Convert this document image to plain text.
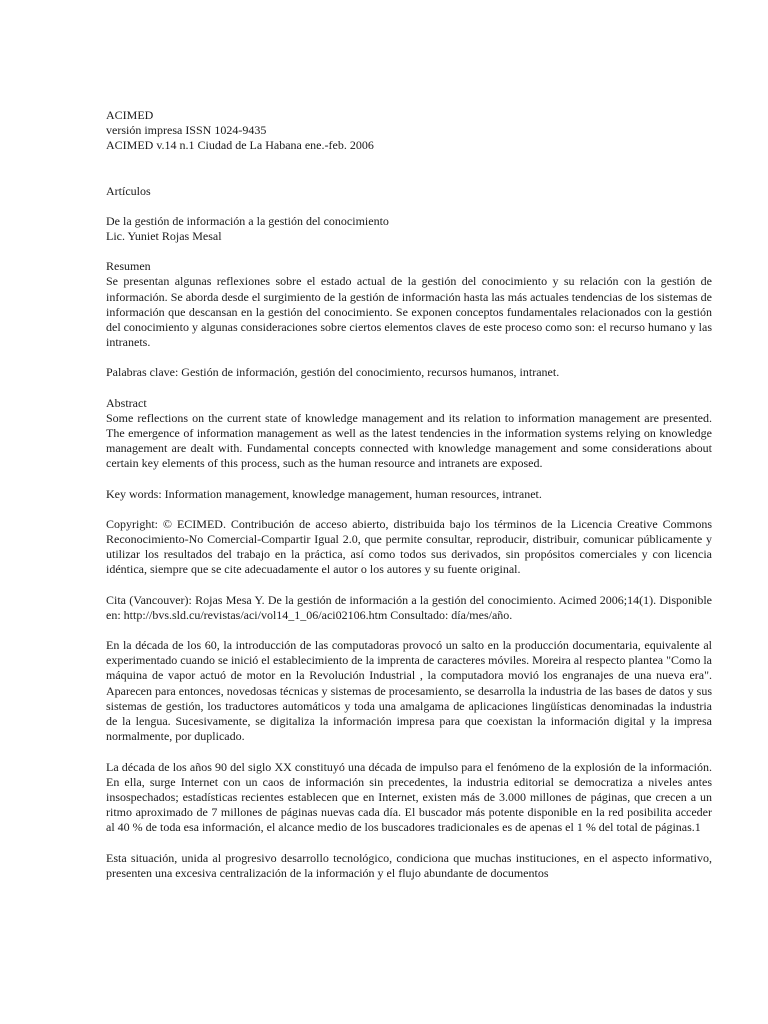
ACIMED
versión impresa ISSN 1024-9435
ACIMED v.14 n.1 Ciudad de La Habana ene.-feb. 2006
Artículos
De la gestión de información a la gestión del conocimiento
Lic. Yuniet Rojas Mesal
Resumen
Se presentan algunas reflexiones sobre el estado actual de la gestión del conocimiento y su relación con la gestión de información. Se aborda desde el surgimiento de la gestión de información hasta las más actuales tendencias de los sistemas de información que descansan en la gestión del conocimiento. Se exponen conceptos fundamentales relacionados con la gestión del conocimiento y algunas consideraciones sobre ciertos elementos claves de este proceso como son: el recurso humano y las intranets.
Palabras clave: Gestión de información, gestión del conocimiento, recursos humanos, intranet.
Abstract
Some reflections on the current state of knowledge management and its relation to information management are presented. The emergence of information management as well as the latest tendencies in the information systems relying on knowledge management are dealt with. Fundamental concepts connected with knowledge management and some considerations about certain key elements of this process, such as the human resource and intranets are exposed.
Key words: Information management, knowledge management, human resources, intranet.
Copyright: © ECIMED. Contribución de acceso abierto, distribuida bajo los términos de la Licencia Creative Commons Reconocimiento-No Comercial-Compartir Igual 2.0, que permite consultar, reproducir, distribuir, comunicar públicamente y utilizar los resultados del trabajo en la práctica, así como todos sus derivados, sin propósitos comerciales y con licencia idéntica, siempre que se cite adecuadamente el autor o los autores y su fuente original.
Cita (Vancouver): Rojas Mesa Y. De la gestión de información a la gestión del conocimiento. Acimed 2006;14(1). Disponible en: http://bvs.sld.cu/revistas/aci/vol14_1_06/aci02106.htm Consultado: día/mes/año.
En la década de los 60, la introducción de las computadoras provocó un salto en la producción documentaria, equivalente al experimentado cuando se inició el establecimiento de la imprenta de caracteres móviles. Moreira al respecto plantea "Como la máquina de vapor actuó de motor en la Revolución Industrial , la computadora movió los engranajes de una nueva era". Aparecen para entonces, novedosas técnicas y sistemas de procesamiento, se desarrolla la industria de las bases de datos y sus sistemas de gestión, los traductores automáticos y toda una amalgama de aplicaciones lingüísticas denominadas la industria de la lengua. Sucesivamente, se digitaliza la información impresa para que coexistan la información digital y la impresa normalmente, por duplicado.
La década de los años 90 del siglo XX constituyó una década de impulso para el fenómeno de la explosión de la información. En ella, surge Internet con un caos de información sin precedentes, la industria editorial se democratiza a niveles antes insospechados; estadísticas recientes establecen que en Internet, existen más de 3.000 millones de páginas, que crecen a un ritmo aproximado de 7 millones de páginas nuevas cada día. El buscador más potente disponible en la red posibilita acceder al 40 % de toda esa información, el alcance medio de los buscadores tradicionales es de apenas el 1 % del total de páginas.1
Esta situación, unida al progresivo desarrollo tecnológico, condiciona que muchas instituciones, en el aspecto informativo, presenten una excesiva centralización de la información y el flujo abundante de documentos
